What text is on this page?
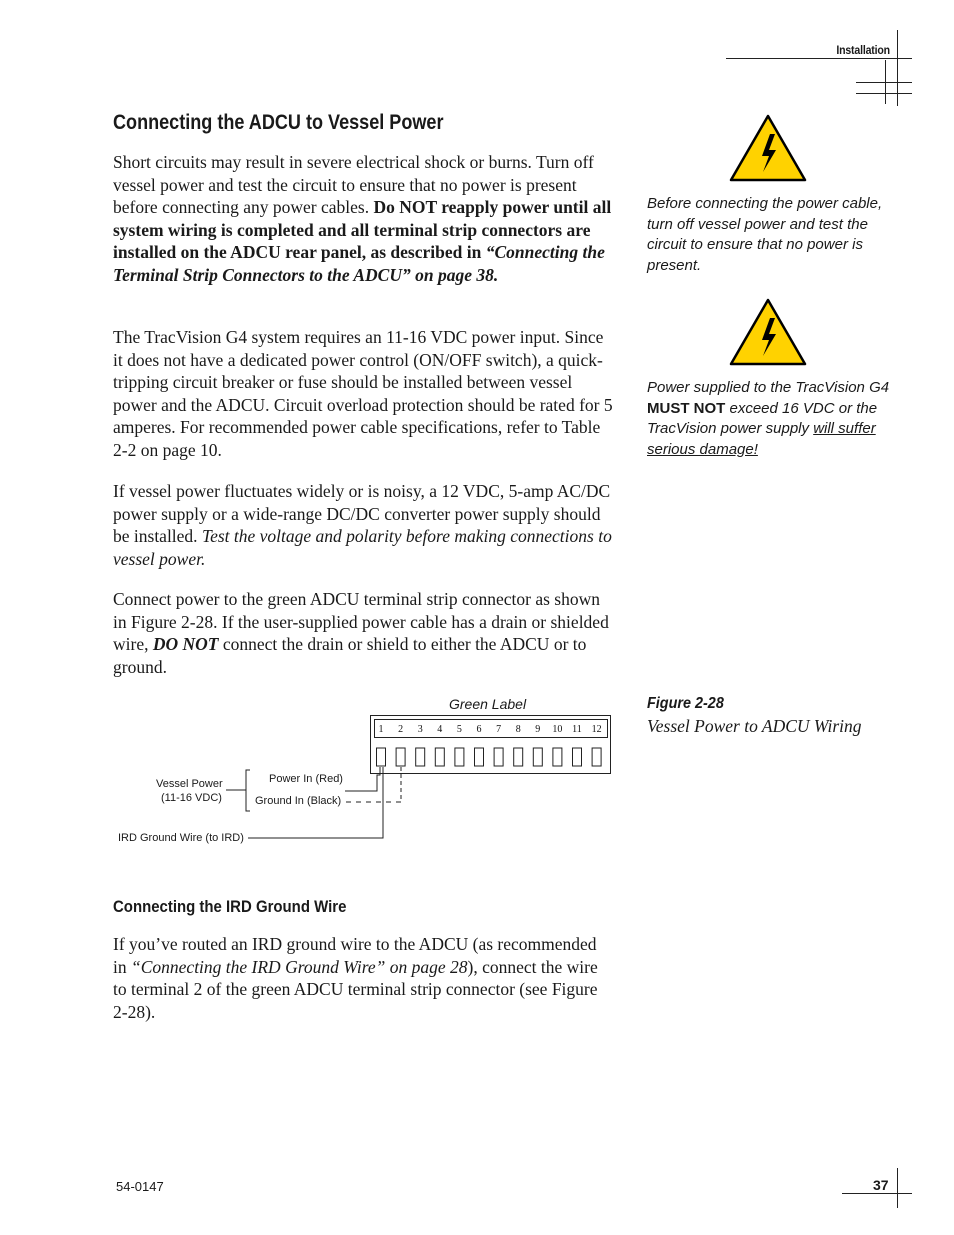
Installation
Connecting the ADCU to Vessel Power

Short circuits may result in severe electrical shock or burns. Turn off vessel power and test the circuit to ensure that no power is present before connecting any power cables. Do NOT reapply power until all system wiring is completed and all terminal strip connectors are installed on the ADCU rear panel, as described in “Connecting the Terminal Strip Connectors to the ADCU” on page 38.

The TracVision G4 system requires an 11-16 VDC power input. Since it does not have a dedicated power control (ON/OFF switch), a quick-tripping circuit breaker or fuse should be installed between vessel power and the ADCU. Circuit overload protection should be rated for 5 amperes. For recommended power cable specifications, refer to Table 2-2 on page 10.
If vessel power fluctuates widely or is noisy, a 12 VDC, 5-amp AC/DC power supply or a wide-range DC/DC converter power supply should be installed. Test the voltage and polarity before making connections to vessel power.
Connect power to the green ADCU terminal strip connector as shown in Figure 2-28. If the user-supplied power cable has a drain or shielded wire, DO NOT connect the drain or shield to either the ADCU or to ground.
Before connecting the power cable, turn off vessel power and test the circuit to ensure that no power is present.
Power supplied to the TracVision G4 MUST NOT exceed 16 VDC or the TracVision power supply will suffer serious damage!
Figure 2-28
Vessel Power to ADCU Wiring
1 2 3 4 5 6 7 8 9 10 11 12
Green Label
Vessel Power
(11-16 VDC)
Power In (Red)
Ground In (Black)
IRD Ground Wire (to IRD)
Connecting the IRD Ground Wire
If you’ve routed an IRD ground wire to the ADCU (as recommended in “Connecting the IRD Ground Wire” on page 28), connect the wire to terminal 2 of the green ADCU terminal strip connector (see Figure 2-28).
54-0147	37
